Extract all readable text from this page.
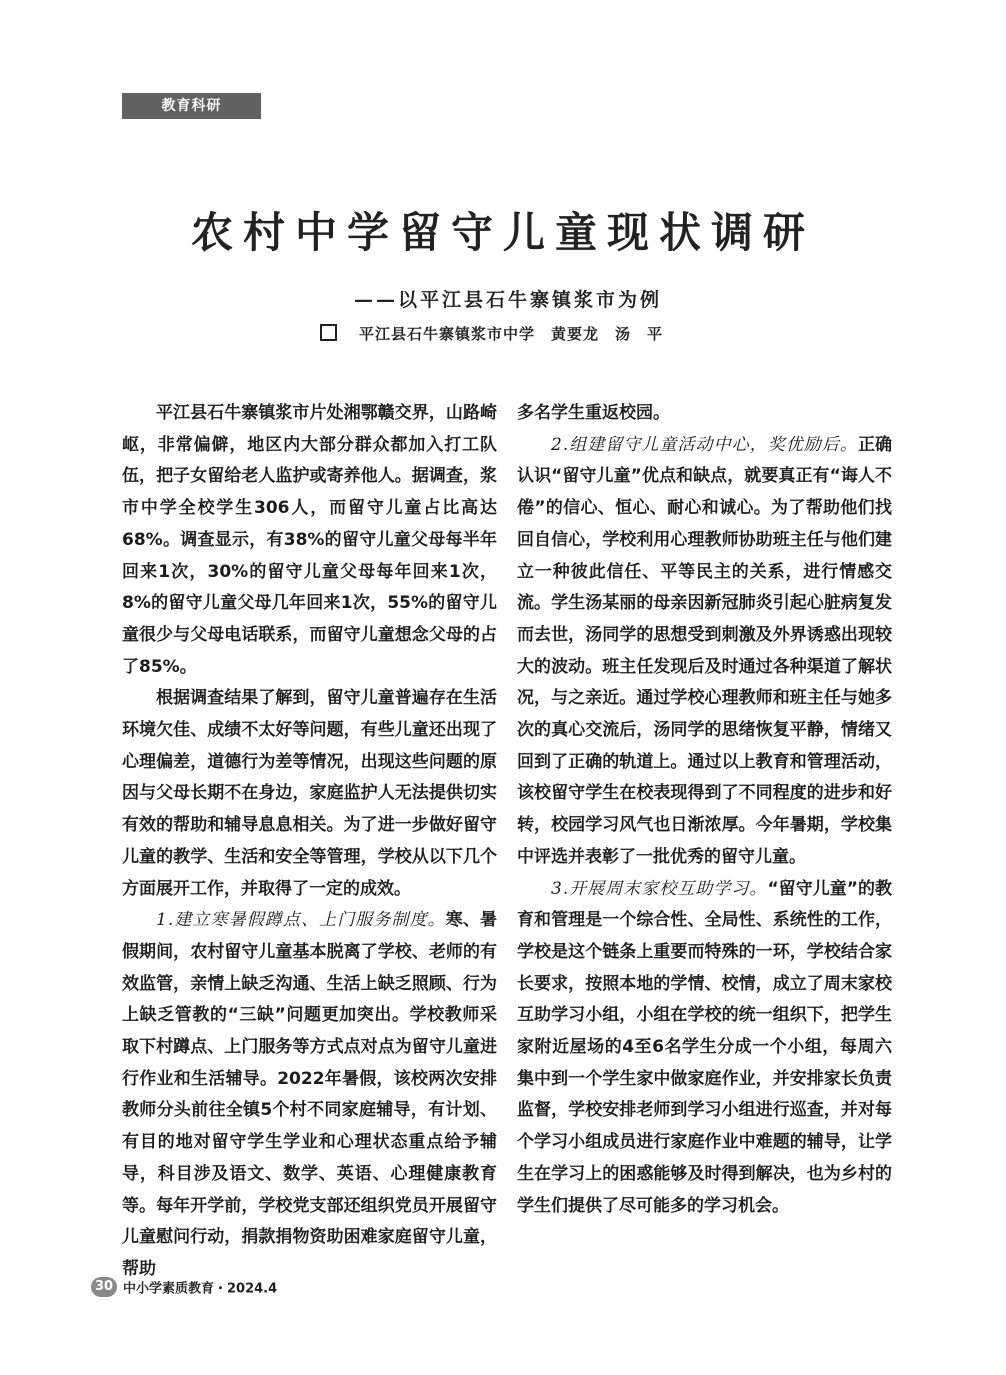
教育科研
农村中学留守儿童现状调研
——以平江县石牛寨镇浆市为例
平江县石牛寨镇浆市中学 黄要龙 汤　平

平江县石牛寨镇浆市片处湘鄂赣交界，山路崎岖，非常偏僻，地区内大部分群众都加入打工队伍，把子女留给老人监护或寄养他人。据调查，浆市中学全校学生306人，而留守儿童占比高达68%。调查显示，有38%的留守儿童父母每半年回来1次，30%的留守儿童父母每年回来1次，8%的留守儿童父母几年回来1次，55%的留守儿童很少与父母电话联系，而留守儿童想念父母的占了85%。

根据调查结果了解到，留守儿童普遍存在生活环境欠佳、成绩不太好等问题，有些儿童还出现了心理偏差，道德行为差等情况，出现这些问题的原因与父母长期不在身边，家庭监护人无法提供切实有效的帮助和辅导息息相关。为了进一步做好留守儿童的教学、生活和安全等管理，学校从以下几个方面展开工作，并取得了一定的成效。

1.建立寒暑假蹲点、上门服务制度。寒、暑假期间，农村留守儿童基本脱离了学校、老师的有效监管，亲情上缺乏沟通、生活上缺乏照顾、行为上缺乏管教的“三缺”问题更加突出。学校教师采取下村蹲点、上门服务等方式点对点为留守儿童进行作业和生活辅导。2022年暑假，该校两次安排教师分头前往全镇5个村不同家庭辅导，有计划、有目的地对留守学生学业和心理状态重点给予辅导，科目涉及语文、数学、英语、心理健康教育等。每年开学前，学校党支部还组织党员开展留守儿童慰问行动，捐款捐物资助困难家庭留守儿童，帮助

多名学生重返校园。

2.组建留守儿童活动中心，奖优励后。正确认识“留守儿童”优点和缺点，就要真正有“诲人不倦”的信心、恒心、耐心和诚心。为了帮助他们找回自信心，学校利用心理教师协助班主任与他们建立一种彼此信任、平等民主的关系，进行情感交流。学生汤某丽的母亲因新冠肺炎引起心脏病复发而去世，汤同学的思想受到刺激及外界诱惑出现较大的波动。班主任发现后及时通过各种渠道了解状况，与之亲近。通过学校心理教师和班主任与她多次的真心交流后，汤同学的思绪恢复平静，情绪又回到了正确的轨道上。通过以上教育和管理活动，该校留守学生在校表现得到了不同程度的进步和好转，校园学习风气也日渐浓厚。今年暑期，学校集中评选并表彰了一批优秀的留守儿童。

3.开展周末家校互助学习。“留守儿童”的教育和管理是一个综合性、全局性、系统性的工作，学校是这个链条上重要而特殊的一环，学校结合家长要求，按照本地的学情、校情，成立了周末家校互助学习小组，小组在学校的统一组织下，把学生家附近屋场的4至6名学生分成一个小组，每周六集中到一个学生家中做家庭作业，并安排家长负责监督，学校安排老师到学习小组进行巡查，并对每个学习小组成员进行家庭作业中难题的辅导，让学生在学习上的困惑能够及时得到解决，也为乡村的学生们提供了尽可能多的学习机会。

30 中小学素质教育・2024.4
